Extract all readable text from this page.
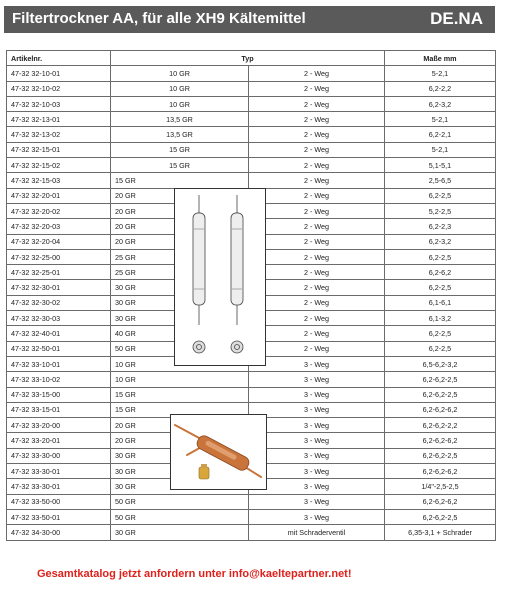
Filtertrockner AA, für alle XH9 Kältemittel	DE.NA
Artikelnr.	Typ		Maße mm
47-32 32-10-01	10 GR	2 - Weg	5-2,1
47-32 32-10-02	10 GR	2 - Weg	6,2-2,2
47-32 32-10-03	10 GR	2 - Weg	6,2-3,2
47-32 32-13-01	13,5 GR	2 - Weg	5-2,1
47-32 32-13-02	13,5 GR	2 - Weg	6,2-2,1
47-32 32-15-01	15 GR	2 - Weg	5-2,1
47-32 32-15-02	15 GR	2 - Weg	5,1-5,1
47-32 32-15-03	15 GR	2 - Weg	2,5-6,5
47-32 32-20-01	20 GR	2 - Weg	6,2-2,5
47-32 32-20-02	20 GR	2 - Weg	5,2-2,5
47-32 32-20-03	20 GR	2 - Weg	6,2-2,3
47-32 32-20-04	20 GR	2 - Weg	6,2-3,2
47-32 32-25-00	25 GR	2 - Weg	6,2-2,5
47-32 32-25-01	25 GR	2 - Weg	6,2-6,2
47-32 32-30-01	30 GR	2 - Weg	6,2-2,5
47-32 32-30-02	30 GR	2 - Weg	6,1-6,1
47-32 32-30-03	30 GR	2 - Weg	6,1-3,2
47-32 32-40-01	40 GR	2 - Weg	6,2-2,5
47-32 32-50-01	50 GR	2 - Weg	6,2-2,5
47-32 33-10-01	10 GR	3 - Weg	6,5-6,2-3,2
47-32 33-10-02	10 GR	3 - Weg	6,2-6,2-2,5
47-32 33-15-00	15 GR	3 - Weg	6,2-6,2-2,5
47-32 33-15-01	15 GR	3 - Weg	6,2-6,2-6,2
47-32 33-20-00	20 GR	3 - Weg	6,2-6,2-2,2
47-32 33-20-01	20 GR	3 - Weg	6,2-6,2-6,2
47-32 33-30-00	30 GR	3 - Weg	6,2-6,2-2,5
47-32 33-30-01	30 GR	3 - Weg	6,2-6,2-6,2
47-32 33-30-01	30 GR	3 - Weg	1/4"-2,5-2,5
47-32 33-50-00	50 GR	3 - Weg	6,2-6,2-6,2
47-32 33-50-01	50 GR	3 - Weg	6,2-6,2-2,5
47-32 34-30-00	30 GR	mit Schraderventil	6,35-3,1 + Schrader
Gesamtkatalog jetzt anfordern unter info@kaeltepartner.net!
